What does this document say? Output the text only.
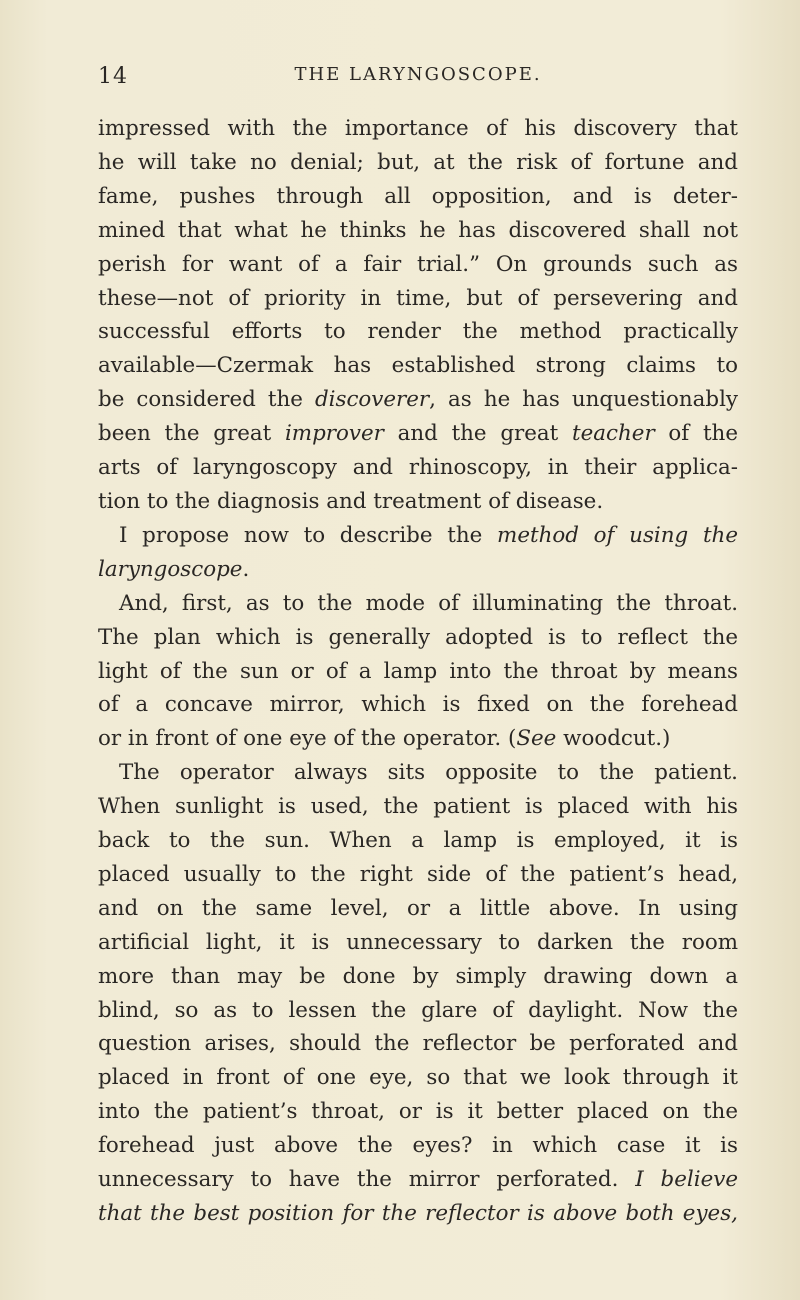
14	THE LARYNGOSCOPE.
impressed with the importance of his discovery that
he will take no denial; but, at the risk of fortune and
fame, pushes through all opposition, and is deter-
mined that what he thinks he has discovered shall not
perish for want of a fair trial.” On grounds such as
these—not of priority in time, but of persevering and
successful efforts to render the method practically
available—Czermak has established strong claims to
be considered the discoverer, as he has unquestionably
been the great improver and the great teacher of the
arts of laryngoscopy and rhinoscopy, in their applica-
tion to the diagnosis and treatment of disease.
I propose now to describe the method of using the
laryngoscope.
And, first, as to the mode of illuminating the throat.
The plan which is generally adopted is to reflect the
light of the sun or of a lamp into the throat by means
of a concave mirror, which is fixed on the forehead
or in front of one eye of the operator. (See woodcut.)
The operator always sits opposite to the patient.
When sunlight is used, the patient is placed with his
back to the sun. When a lamp is employed, it is
placed usually to the right side of the patient’s head,
and on the same level, or a little above. In using
artificial light, it is unnecessary to darken the room
more than may be done by simply drawing down a
blind, so as to lessen the glare of daylight. Now the
question arises, should the reflector be perforated and
placed in front of one eye, so that we look through it
into the patient’s throat, or is it better placed on the
forehead just above the eyes? in which case it is
unnecessary to have the mirror perforated. I believe
that the best position for the reflector is above both eyes,
